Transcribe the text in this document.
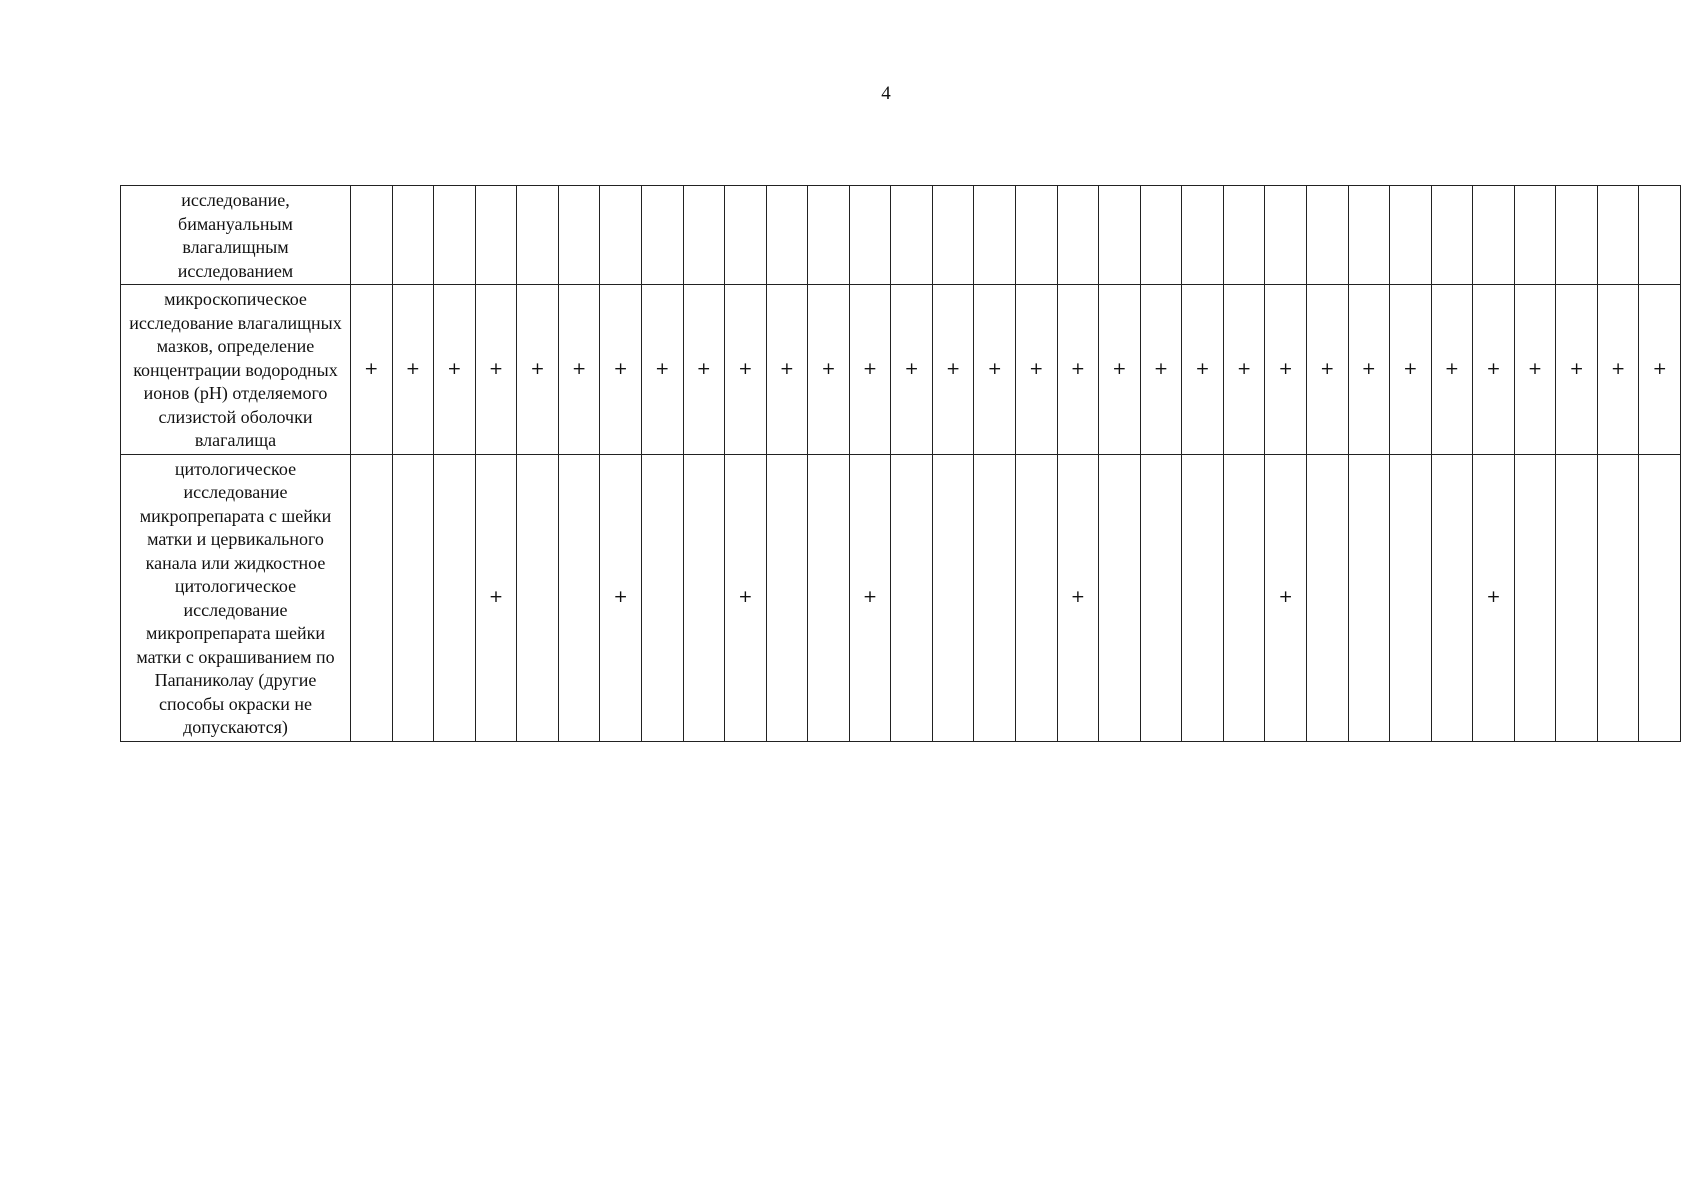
4
исследование, бимануальным влагалищным исследованием																																
микроскопическое исследование влагалищных мазков, определение концентрации водородных ионов (pH) отделяемого слизистой оболочки влагалища	+	+	+	+	+	+	+	+	+	+	+	+	+	+	+	+	+	+	+	+	+	+	+	+	+	+	+	+	+	+	+	+
цитологическое исследование микропрепарата с шейки матки и цервикального канала или жидкостное цитологическое исследование микропрепарата шейки матки с окрашиванием по Папаниколау (другие способы окраски не допускаются)				+			+			+			+					+					+					+				
